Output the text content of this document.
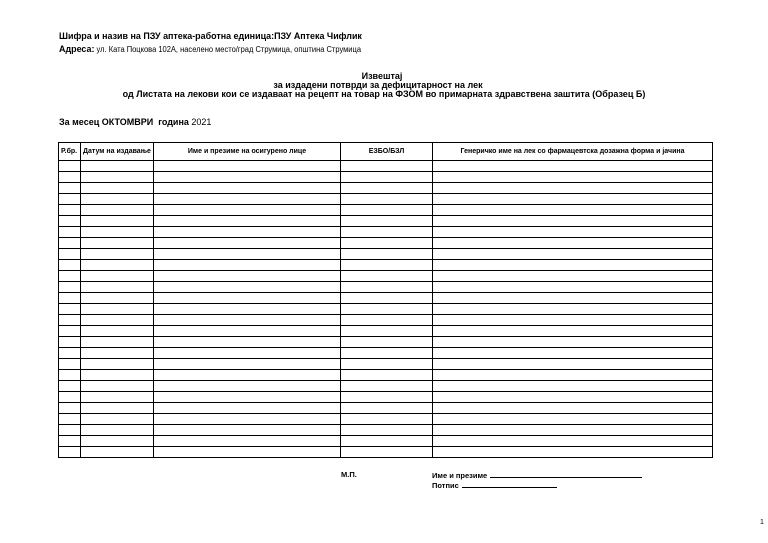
Шифра и назив на ПЗУ аптека-работна единица:ПЗУ Аптека Чифлик
Адреса: ул. Ката Поцкова 102А, населено место/град Струмица, општина Струмица
Извештај
за издадени потврди за дефицитарност на лек
од Листата на лекови кои се издаваат на рецепт на товар на ФЗОМ во примарната здравствена заштита (Образец Б)
За месец ОКТОМВРИ  година 2021
Р.бр.	Датум на издавање	Име и презиме на осигурено лице	ЕЗБО/БЗЛ	Генеричко име на лек со фармацевтска дозажна форма и јачина

М.П.	Име и презиме
Потпис
1
